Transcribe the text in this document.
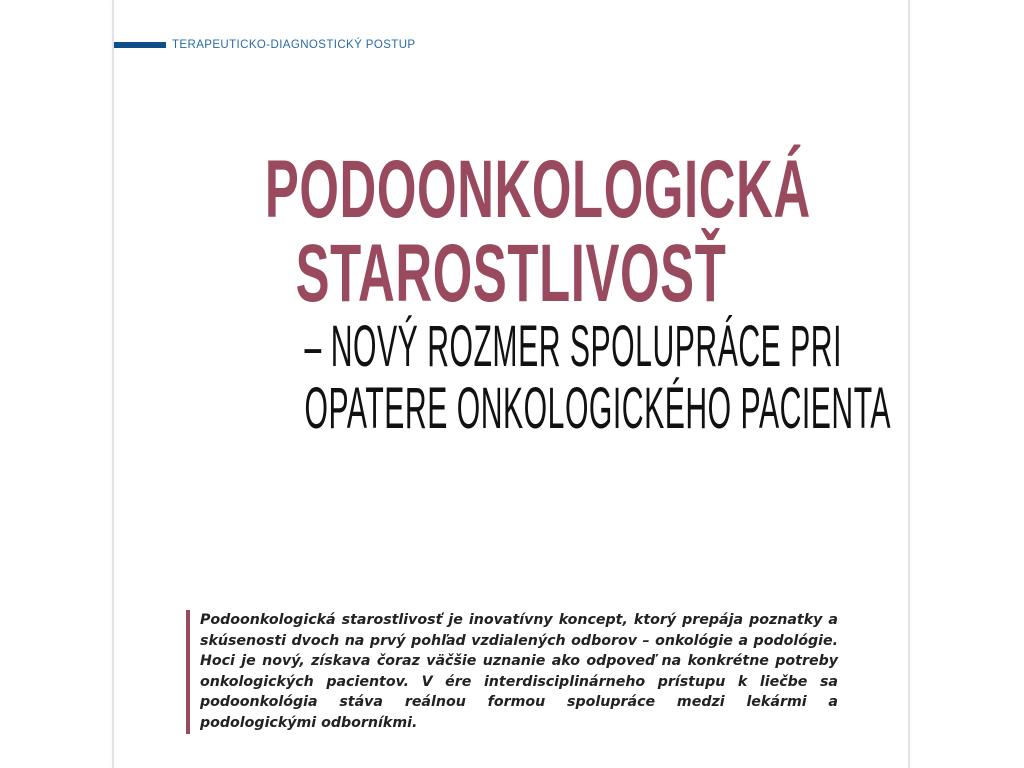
TERAPEUTICKO-DIAGNOSTICKÝ POSTUP
PODOONKOLOGICKÁ
STAROSTLIVOSŤ
– NOVÝ ROZMER SPOLUPRÁCE PRI
OPATERE ONKOLOGICKÉHO PACIENTA

Podoonkologická starostlivosť je inovatívny koncept, ktorý prepája poznatky a skúsenosti dvoch na prvý pohľad vzdialených odborov – onkológie a podológie. Hoci je nový, získava čoraz väčšie uznanie ako odpoveď na konkrétne potreby onkologických pacientov. V ére interdisciplinárneho prístupu k liečbe sa podoonkológia stáva reálnou formou spolupráce medzi lekármi a podologickými odborníkmi.
